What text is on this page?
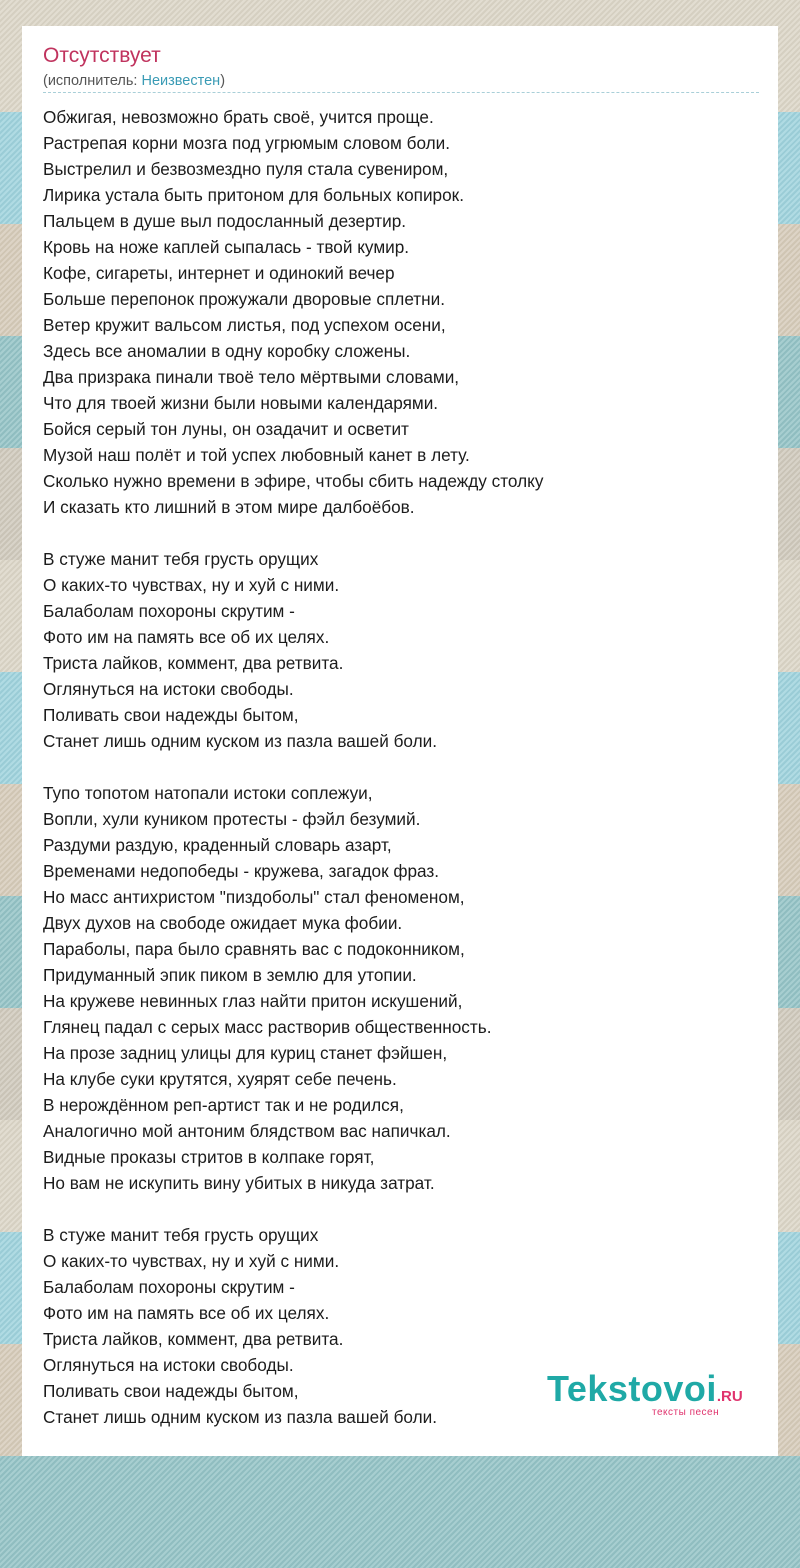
Отсутствует
(исполнитель: Неизвестен)
Обжигая, невозможно брать своё, учится проще.
Растрепая корни мозга под угрюмым словом боли.
Выстрелил и безвозмездно пуля стала сувениром,
Лирика устала быть притоном для больных копирок.
Пальцем в душе выл подосланный дезертир.
Кровь на ноже каплей сыпалась - твой кумир.
Кофе, сигареты, интернет и одинокий вечер
Больше перепонок прожужали дворовые сплетни.
Ветер кружит вальсом листья, под успехом осени,
Здесь все аномалии в одну коробку сложены.
Два призрака пинали твоё тело мёртвыми словами,
Что для твоей жизни были новыми календарями.
Бойся серый тон луны, он озадачит и осветит
Музой наш полёт и той успех любовный канет в лету.
Сколько нужно времени в эфире, чтобы сбить надежду столку
И сказать кто лишний в этом мире далбоёбов.
В стуже манит тебя грусть орущих
О каких-то чувствах, ну и хуй с ними.
Балаболам похороны скрутим -
Фото им на память все об их целях.
Триста лайков, коммент, два ретвита.
Оглянуться на истоки свободы.
Поливать свои надежды бытом,
Станет лишь одним куском из пазла вашей боли.
Тупо топотом натопали истоки соплежуи,
Вопли, хули куником протесты - фэйл безумий.
Раздуми раздую, краденный словарь азарт,
Временами недопобеды - кружева, загадок фраз.
Но масс антихристом "пиздоболы" стал феноменом,
Двух духов на свободе ожидает мука фобии.
Параболы, пара было сравнять вас с подоконником,
Придуманный эпик пиком в землю для утопии.
На кружеве невинных глаз найти притон искушений,
Глянец падал с серых масс растворив общественность.
На прозе задниц улицы для куриц станет фэйшен,
На клубе суки крутятся, хуярят себе печень.
В нерождённом реп-артист так и не родился,
Аналогично мой антоним блядством вас напичкал.
Видные проказы стритов в колпаке горят,
Но вам не искупить вину убитых в никуда затрат.
В стуже манит тебя грусть орущих
О каких-то чувствах, ну и хуй с ними.
Балаболам похороны скрутим -
Фото им на память все об их целях.
Триста лайков, коммент, два ретвита.
Оглянуться на истоки свободы.
Поливать свои надежды бытом,
Станет лишь одним куском из пазла вашей боли.
Tekstovoi.RU
тексты песен
